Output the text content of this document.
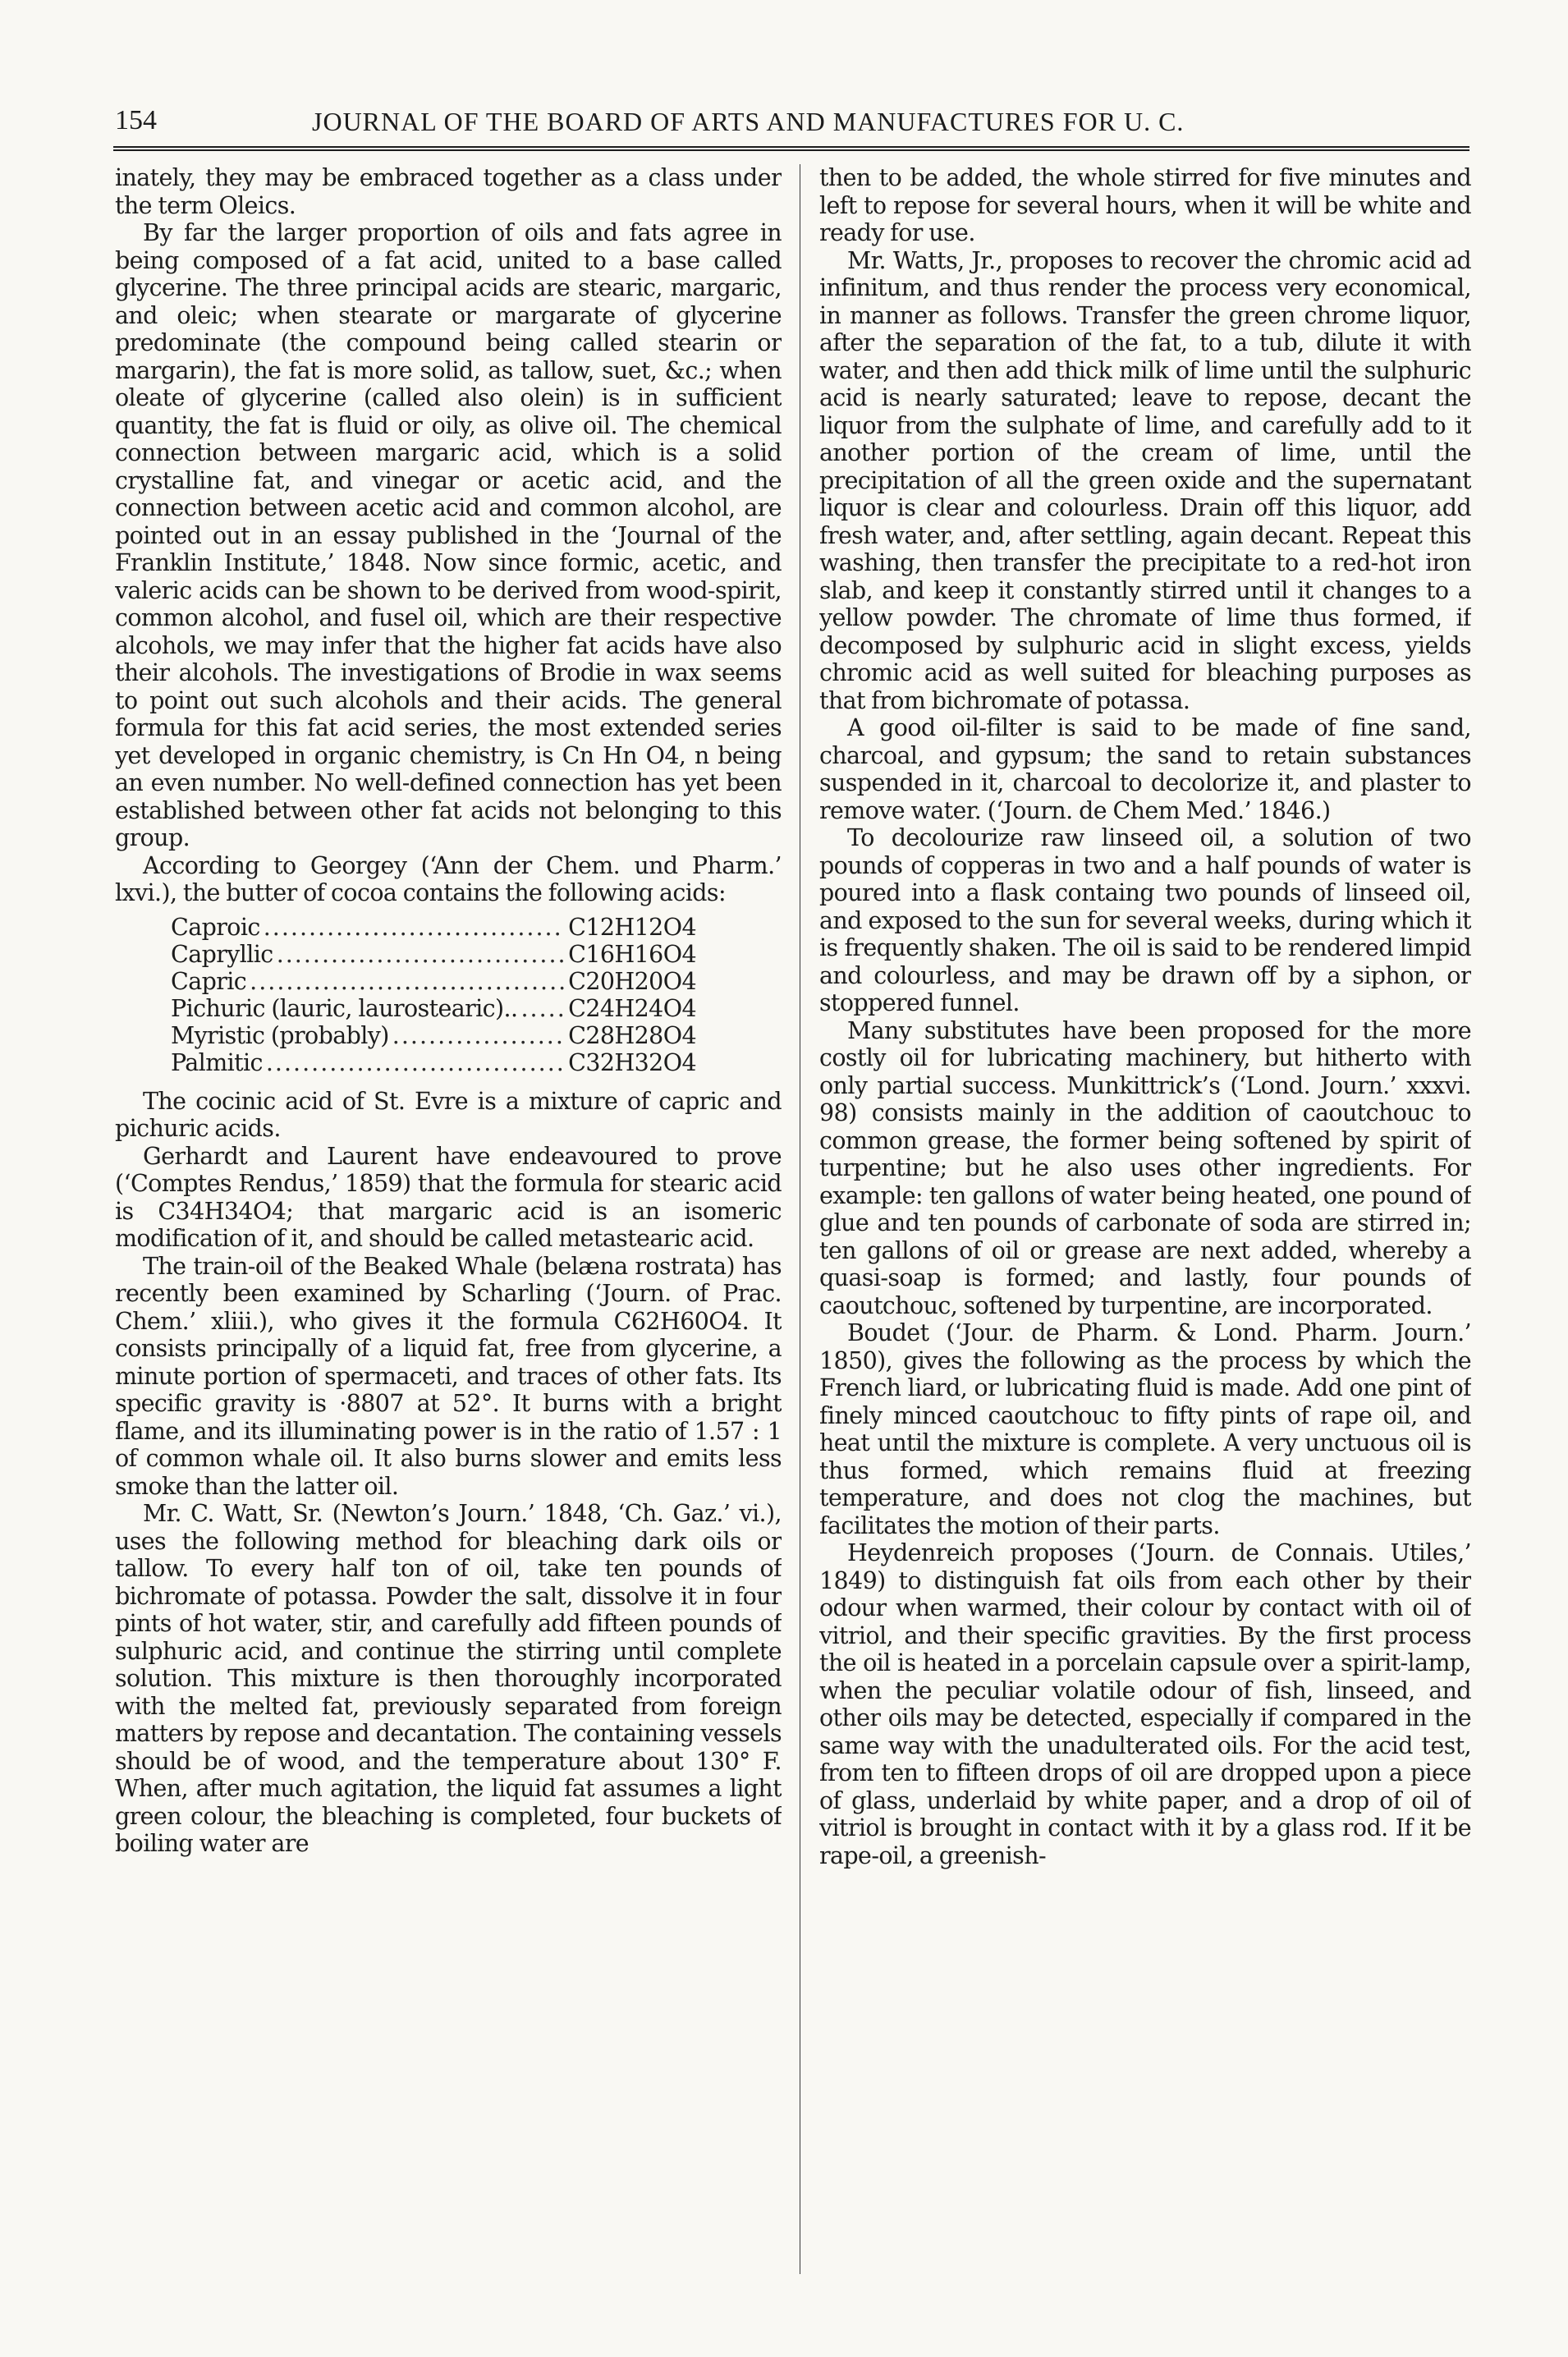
154	JOURNAL OF THE BOARD OF ARTS AND MANUFACTURES FOR U. C.

inately, they may be embraced together as a class under the term Oleics.

By far the larger proportion of oils and fats agree in being composed of a fat acid, united to a base called glycerine. The three principal acids are stearic, margaric, and oleic; when stearate or margarate of glycerine predominate (the compound being called stearin or margarin), the fat is more solid, as tallow, suet, &c.; when oleate of glycerine (called also olein) is in sufficient quantity, the fat is fluid or oily, as olive oil. The chemical connection between margaric acid, which is a solid crystalline fat, and vinegar or acetic acid, and the connection between acetic acid and common alcohol, are pointed out in an essay published in the ‘Journal of the Franklin Institute,’ 1848. Now since formic, acetic, and valeric acids can be shown to be derived from wood-spirit, common alcohol, and fusel oil, which are their respective alcohols, we may infer that the higher fat acids have also their alcohols. The investigations of Brodie in wax seems to point out such alcohols and their acids. The general formula for this fat acid series, the most extended series yet developed in organic chemistry, is Cn Hn O4, n being an even number. No well-defined connection has yet been established between other fat acids not belonging to this group.

According to Georgey (‘Ann der Chem. und Pharm.’ lxvi.), the butter of cocoa contains the following acids:

Caproic .....	C12H12O4
Capryllic .....	C16H16O4
Capric .....	C20H20O4
Pichuric (lauric, laurostearic).. ..... C24H24O4
Myristic (probably) .....	C28H28O4
Palmitic .....	C32H32O4

The cocinic acid of St. Evre is a mixture of capric and pichuric acids.

Gerhardt and Laurent have endeavoured to prove (‘Comptes Rendus,’ 1859) that the formula for stearic acid is C34H34O4; that margaric acid is an isomeric modification of it, and should be called metastearic acid.

The train-oil of the Beaked Whale (belæna rostrata) has recently been examined by Scharling (‘Journ. of Prac. Chem.’ xliii.), who gives it the formula C62H60O4. It consists principally of a liquid fat, free from glycerine, a minute portion of spermaceti, and traces of other fats. Its specific gravity is ·8807 at 52°. It burns with a bright flame, and its illuminating power is in the ratio of 1.57 : 1 of common whale oil. It also burns slower and emits less smoke than the latter oil.

Mr. C. Watt, Sr. (Newton’s Journ.’ 1848, ‘Ch. Gaz.’ vi.), uses the following method for bleaching dark oils or tallow. To every half ton of oil, take ten pounds of bichromate of potassa. Powder the salt, dissolve it in four pints of hot water, stir, and carefully add fifteen pounds of sulphuric acid, and continue the stirring until complete solution. This mixture is then thoroughly incorporated with the melted fat, previously separated from foreign matters by repose and decantation. The containing vessels should be of wood, and the temperature about 130° F. When, after much agitation, the liquid fat assumes a light green colour, the bleaching is completed, four buckets of boiling water are

then to be added, the whole stirred for five minutes and left to repose for several hours, when it will be white and ready for use.

Mr. Watts, Jr., proposes to recover the chromic acid ad infinitum, and thus render the process very economical, in manner as follows. Transfer the green chrome liquor, after the separation of the fat, to a tub, dilute it with water, and then add thick milk of lime until the sulphuric acid is nearly saturated; leave to repose, decant the liquor from the sulphate of lime, and carefully add to it another portion of the cream of lime, until the precipitation of all the green oxide and the supernatant liquor is clear and colourless. Drain off this liquor, add fresh water, and, after settling, again decant. Repeat this washing, then transfer the precipitate to a red-hot iron slab, and keep it constantly stirred until it changes to a yellow powder. The chromate of lime thus formed, if decomposed by sulphuric acid in slight excess, yields chromic acid as well suited for bleaching purposes as that from bichromate of potassa.

A good oil-filter is said to be made of fine sand, charcoal, and gypsum; the sand to retain substances suspended in it, charcoal to decolorize it, and plaster to remove water. (‘Journ. de Chem Med.’ 1846.)

To decolourize raw linseed oil, a solution of two pounds of copperas in two and a half pounds of water is poured into a flask containg two pounds of linseed oil, and exposed to the sun for several weeks, during which it is frequently shaken. The oil is said to be rendered limpid and colourless, and may be drawn off by a siphon, or stoppered funnel.

Many substitutes have been proposed for the more costly oil for lubricating machinery, but hitherto with only partial success. Munkittrick’s (‘Lond. Journ.’ xxxvi. 98) consists mainly in the addition of caoutchouc to common grease, the former being softened by spirit of turpentine; but he also uses other ingredients. For example: ten gallons of water being heated, one pound of glue and ten pounds of carbonate of soda are stirred in; ten gallons of oil or grease are next added, whereby a quasi-soap is formed; and lastly, four pounds of caoutchouc, softened by turpentine, are incorporated.

Boudet (‘Jour. de Pharm. & Lond. Pharm. Journ.’ 1850), gives the following as the process by which the French liard, or lubricating fluid is made. Add one pint of finely minced caoutchouc to fifty pints of rape oil, and heat until the mixture is complete. A very unctuous oil is thus formed, which remains fluid at freezing temperature, and does not clog the machines, but facilitates the motion of their parts.

Heydenreich proposes (‘Journ. de Connais. Utiles,’ 1849) to distinguish fat oils from each other by their odour when warmed, their colour by contact with oil of vitriol, and their specific gravities. By the first process the oil is heated in a porcelain capsule over a spirit-lamp, when the peculiar volatile odour of fish, linseed, and other oils may be detected, especially if compared in the same way with the unadulterated oils. For the acid test, from ten to fifteen drops of oil are dropped upon a piece of glass, underlaid by white paper, and a drop of oil of vitriol is brought in contact with it by a glass rod. If it be rape-oil, a greenish-
